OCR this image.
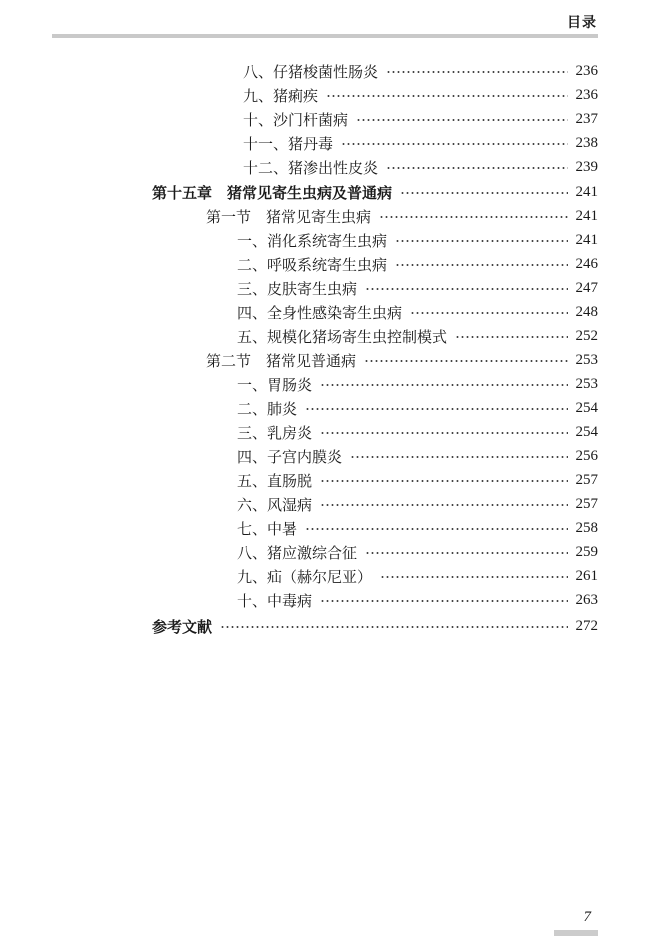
目录
八、仔猪梭菌性肠炎	236
九、猪痢疾	236
十、沙门杆菌病	237
十一、猪丹毒	238
十二、猪渗出性皮炎	239
第十五章　猪常见寄生虫病及普通病	241
第一节　猪常见寄生虫病	241
一、消化系统寄生虫病	241
二、呼吸系统寄生虫病	246
三、皮肤寄生虫病	247
四、全身性感染寄生虫病	248
五、规模化猪场寄生虫控制模式	252
第二节　猪常见普通病	253
一、胃肠炎	253
二、肺炎	254
三、乳房炎	254
四、子宫内膜炎	256
五、直肠脱	257
六、风湿病	257
七、中暑	258
八、猪应激综合征	259
九、疝（赫尔尼亚）	261
十、中毒病	263
参考文献	272
7
